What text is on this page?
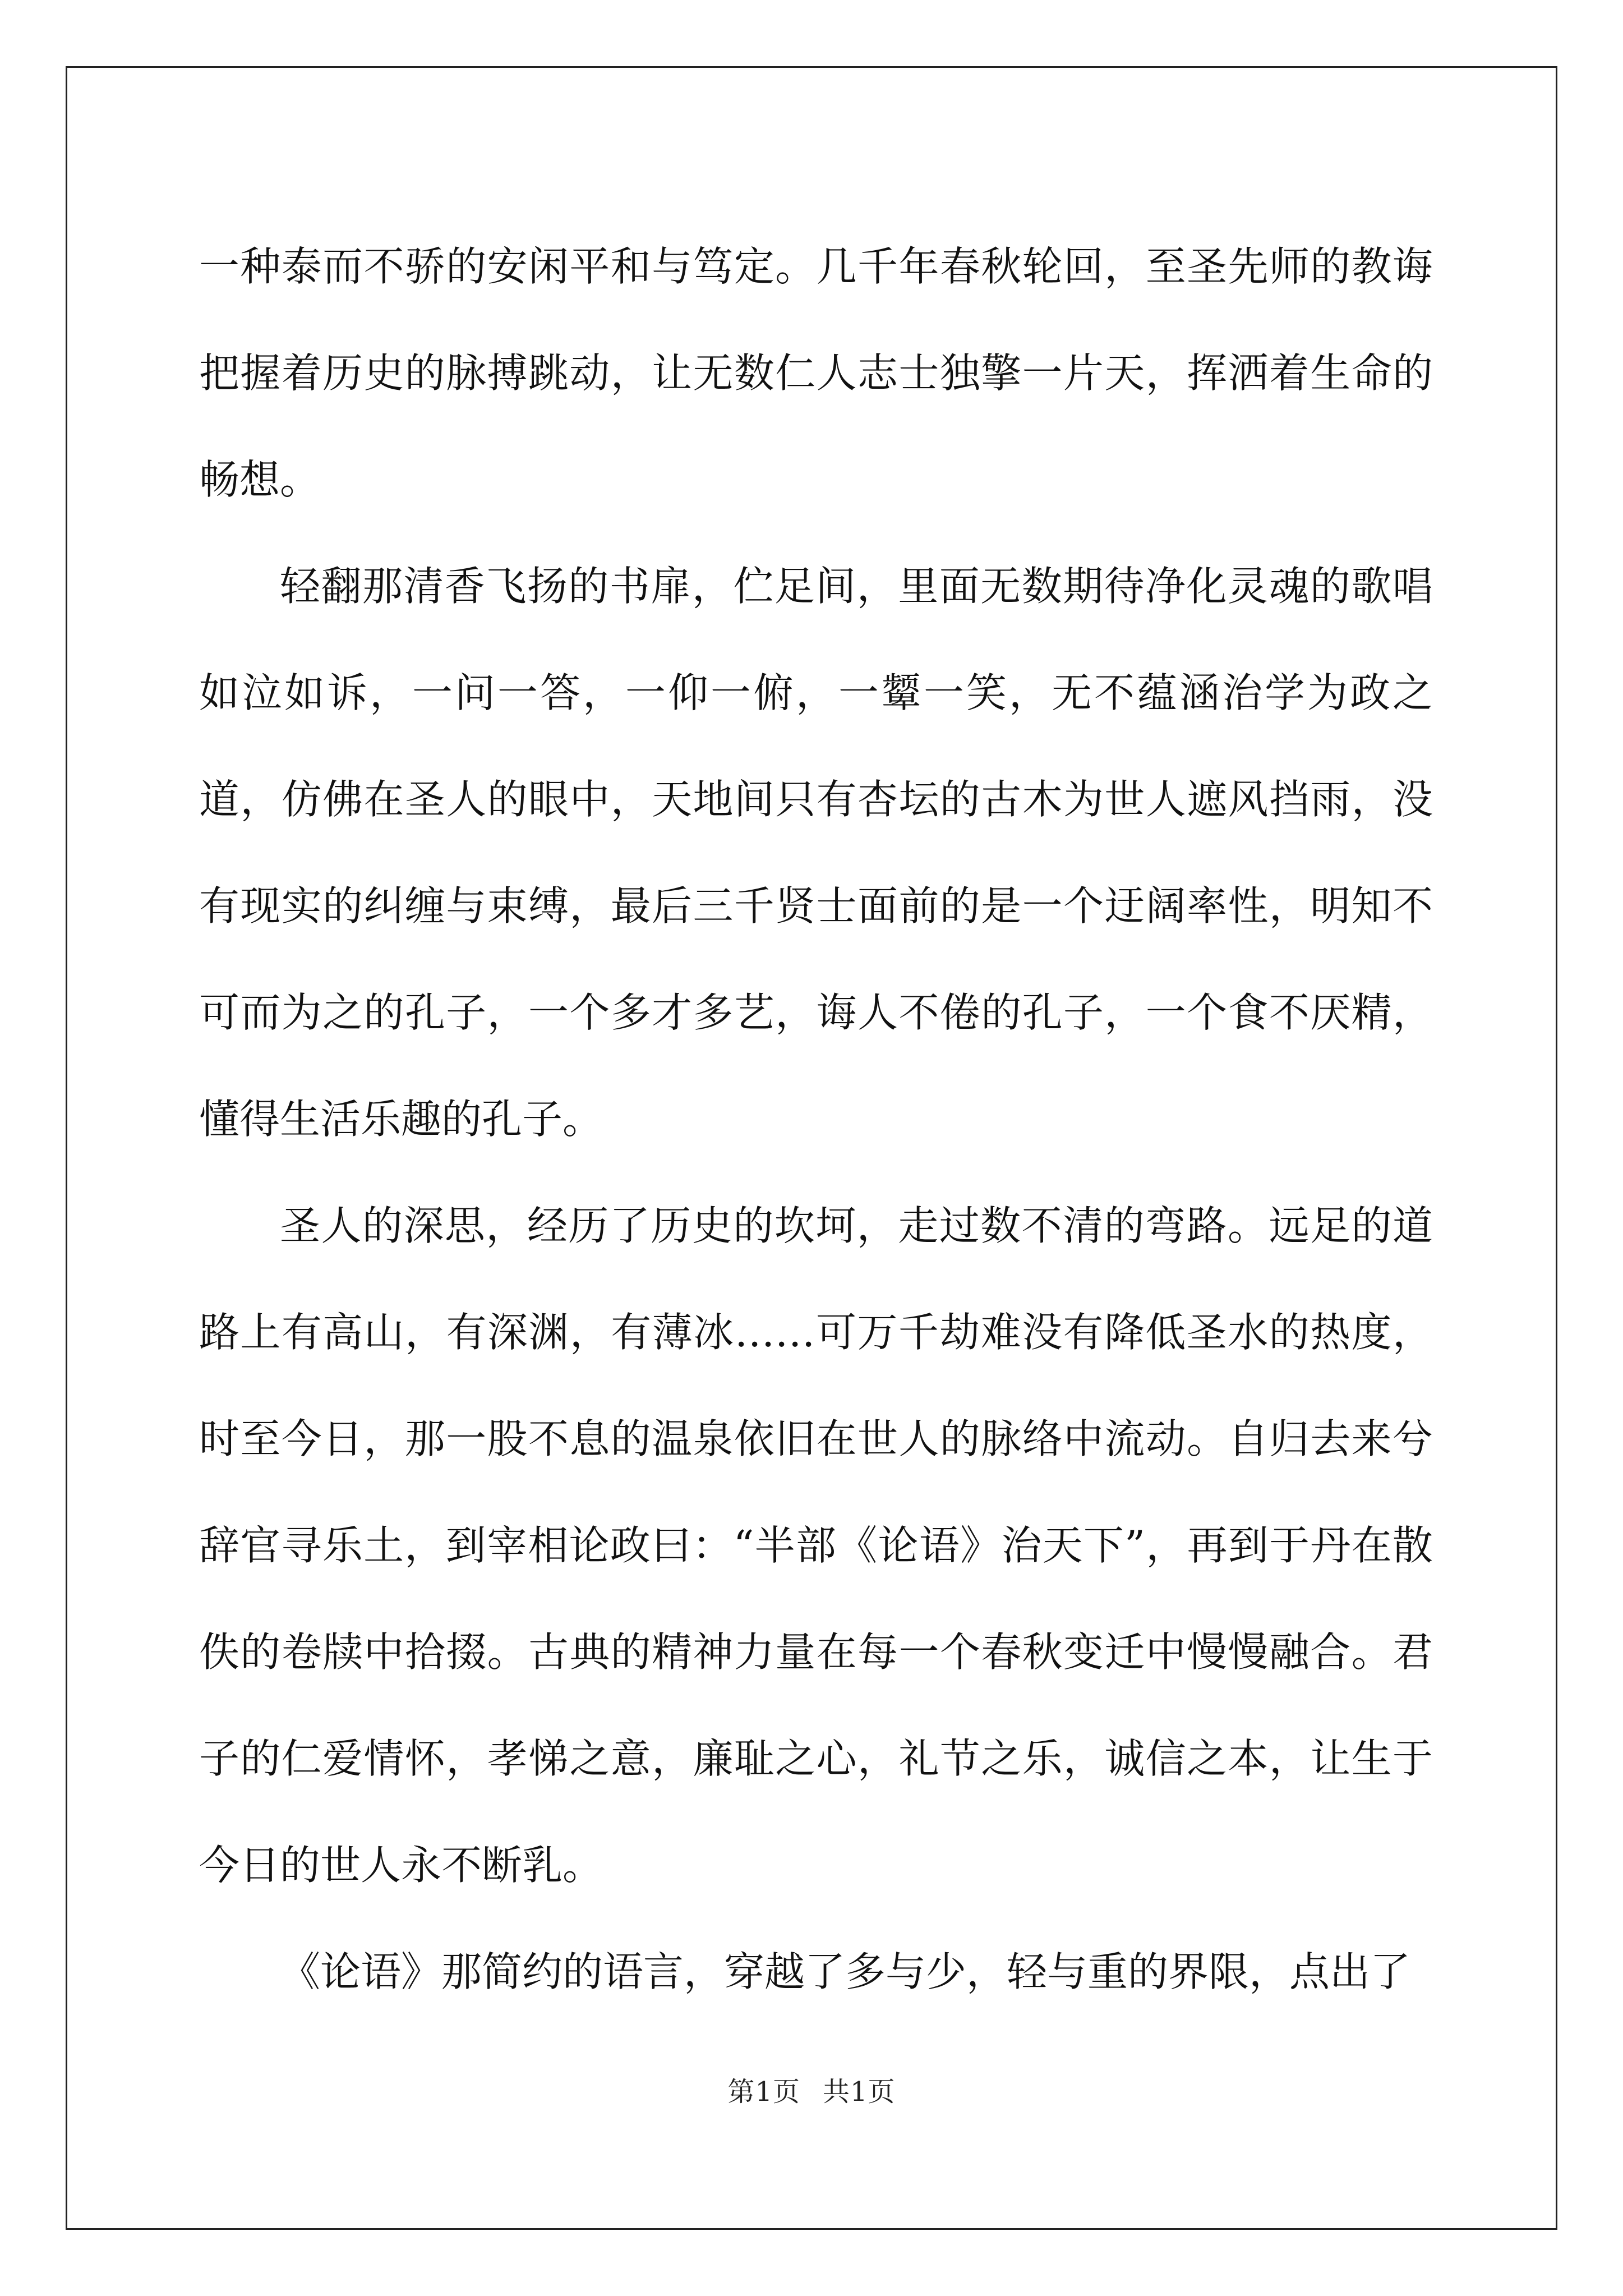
一种泰而不骄的安闲平和与笃定。几千年春秋轮回，至圣先师的教诲把握着历史的脉搏跳动，让无数仁人志士独擎一片天，挥洒着生命的畅想。

轻翻那清香飞扬的书扉，伫足间，里面无数期待净化灵魂的歌唱如泣如诉，一问一答，一仰一俯，一颦一笑，无不蕴涵治学为政之道，仿佛在圣人的眼中，天地间只有杏坛的古木为世人遮风挡雨，没有现实的纠缠与束缚，最后三千贤士面前的是一个迂阔率性，明知不可而为之的孔子，一个多才多艺，诲人不倦的孔子，一个食不厌精，懂得生活乐趣的孔子。

圣人的深思，经历了历史的坎坷，走过数不清的弯路。远足的道路上有高山，有深渊，有薄冰……可万千劫难没有降低圣水的热度，时至今日，那一股不息的温泉依旧在世人的脉络中流动。自归去来兮辞官寻乐土，到宰相论政曰：“半部《论语》治天下”，再到于丹在散佚的卷牍中拾掇。古典的精神力量在每一个春秋变迁中慢慢融合。君子的仁爱情怀，孝悌之意，廉耻之心，礼节之乐，诚信之本，让生于今日的世人永不断乳。

《论语》那简约的语言，穿越了多与少，轻与重的界限，点出了

第1页 共1页
